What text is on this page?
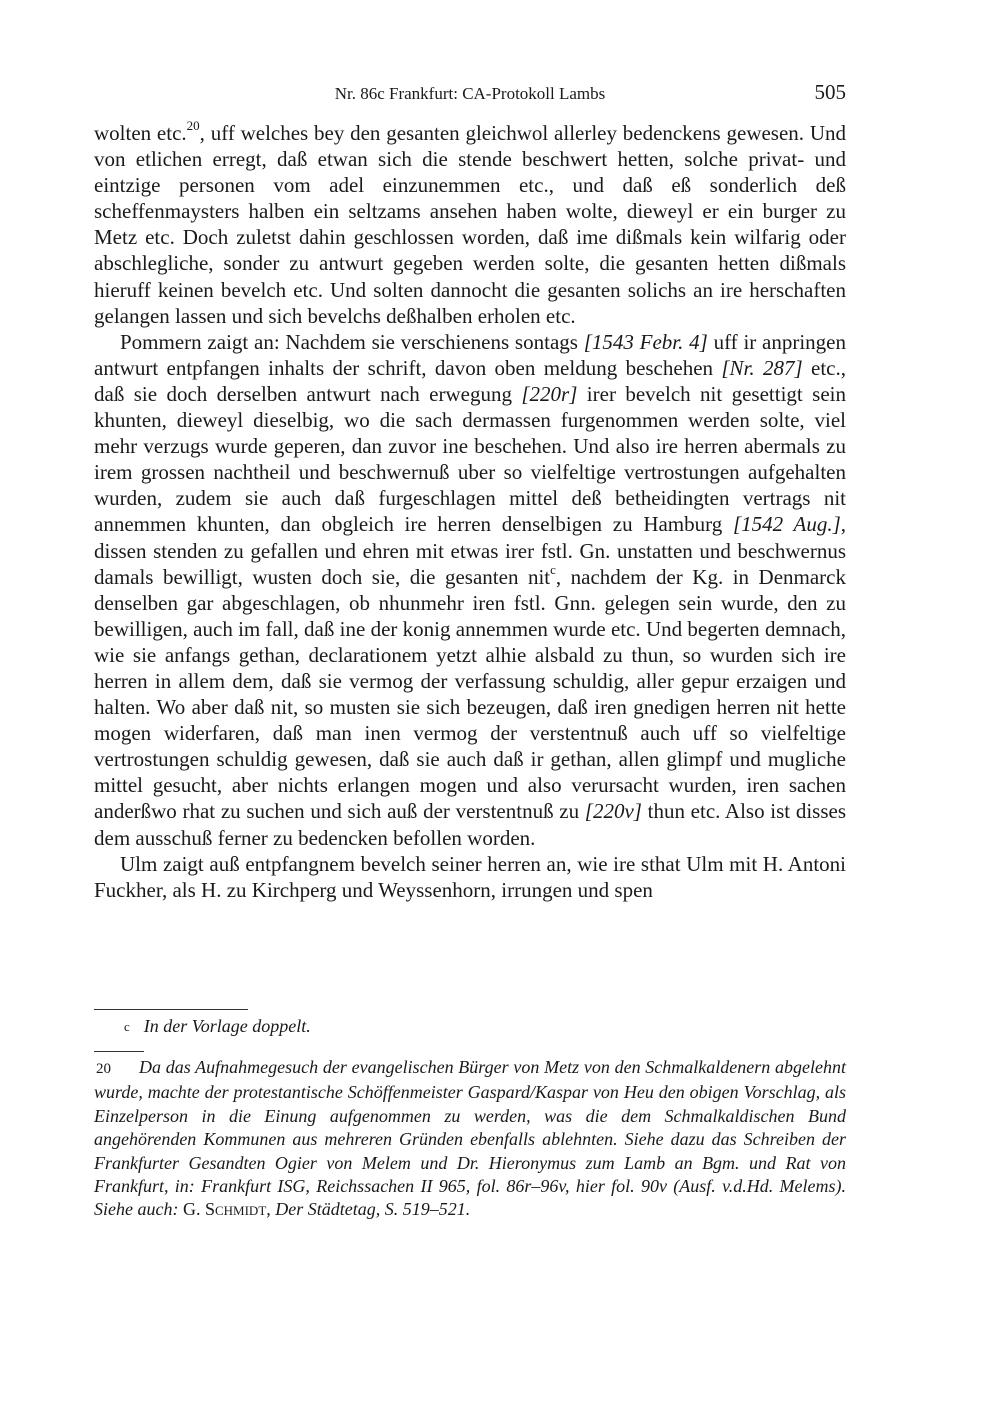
Nr. 86c Frankfurt: CA-Protokoll Lambs	505

wolten etc.$^{20}$, uff welches bey den gesanten gleichwol allerley bedenckens gewesen. Und von etlichen erregt, daß etwan sich die stende beschwert hetten, solche privat- und eintzige personen vom adel einzunemmen etc., und daß eß sonderlich deß scheffenmaysters halben ein seltzams ansehen haben wolte, dieweyl er ein burger zu Metz etc. Doch zuletst dahin geschlossen worden, daß ime dißmals kein wilfarig oder abschlegliche, sonder zu antwurt gegeben werden solte, die gesanten hetten dißmals hieruff keinen bevelch etc. Und solten dannocht die gesanten solichs an ire herschaften gelangen lassen und sich bevelchs deßhalben erholen etc.

Pommern zaigt an: Nachdem sie verschienens sontags [1543 Febr. 4] uff ir anpringen antwurt entpfangen inhalts der schrift, davon oben meldung beschehen [Nr. 287] etc., daß sie doch derselben antwurt nach erwegung [220r] irer bevelch nit gesettigt sein khunten, dieweyl dieselbig, wo die sach dermassen furgenommen werden solte, viel mehr verzugs wurde geperen, dan zuvor ine beschehen. Und also ire herren abermals zu irem grossen nachtheil und beschwernuß uber so vielfeltige vertrostungen aufgehalten wurden, zudem sie auch daß furgeschlagen mittel deß betheidingten vertrags nit annemmen khunten, dan obgleich ire herren denselbigen zu Hamburg [1542 Aug.], dissen stenden zu gefallen und ehren mit etwas irer fstl. Gn. unstatten und beschwernus damals bewilligt, wusten doch sie, die gesanten nit$^c$, nachdem der Kg. in Denmarck denselben gar abgeschlagen, ob nhunmehr iren fstl. Gnn. gelegen sein wurde, den zu bewilligen, auch im fall, daß ine der konig annemmen wurde etc. Und begerten demnach, wie sie anfangs gethan, declarationem yetzt alhie alsbald zu thun, so wurden sich ire herren in allem dem, daß sie vermog der verfassung schuldig, aller gepur erzaigen und halten. Wo aber daß nit, so musten sie sich bezeugen, daß iren gnedigen herren nit hette mogen widerfaren, daß man inen vermog der verstentnuß auch uff so vielfeltige vertrostungen schuldig gewesen, daß sie auch daß ir gethan, allen glimpf und mugliche mittel gesucht, aber nichts erlangen mogen und also verursacht wurden, iren sachen anderßwo rhat zu suchen und sich auß der verstentnuß zu [220v] thun etc. Also ist disses dem ausschuß ferner zu bedencken befollen worden.

Ulm zaigt auß entpfangnem bevelch seiner herren an, wie ire sthat Ulm mit H. Antoni Fuckher, als H. zu Kirchperg und Weyssenhorn, irrungen und spen

c In der Vorlage doppelt.
20 Da das Aufnahmegesuch der evangelischen Bürger von Metz von den Schmalkaldenern abgelehnt wurde, machte der protestantische Schöffenmeister Gaspard/Kaspar von Heu den obigen Vorschlag, als Einzelperson in die Einung aufgenommen zu werden, was die dem Schmalkaldischen Bund angehörenden Kommunen aus mehreren Gründen ebenfalls ablehnten. Siehe dazu das Schreiben der Frankfurter Gesandten Ogier von Melem und Dr. Hieronymus zum Lamb an Bgm. und Rat von Frankfurt, in: Frankfurt ISG, Reichssachen II 965, fol. 86r–96v, hier fol. 90v (Ausf. v.d.Hd. Melems). Siehe auch: G. Schmidt, Der Städtetag, S. 519–521.
